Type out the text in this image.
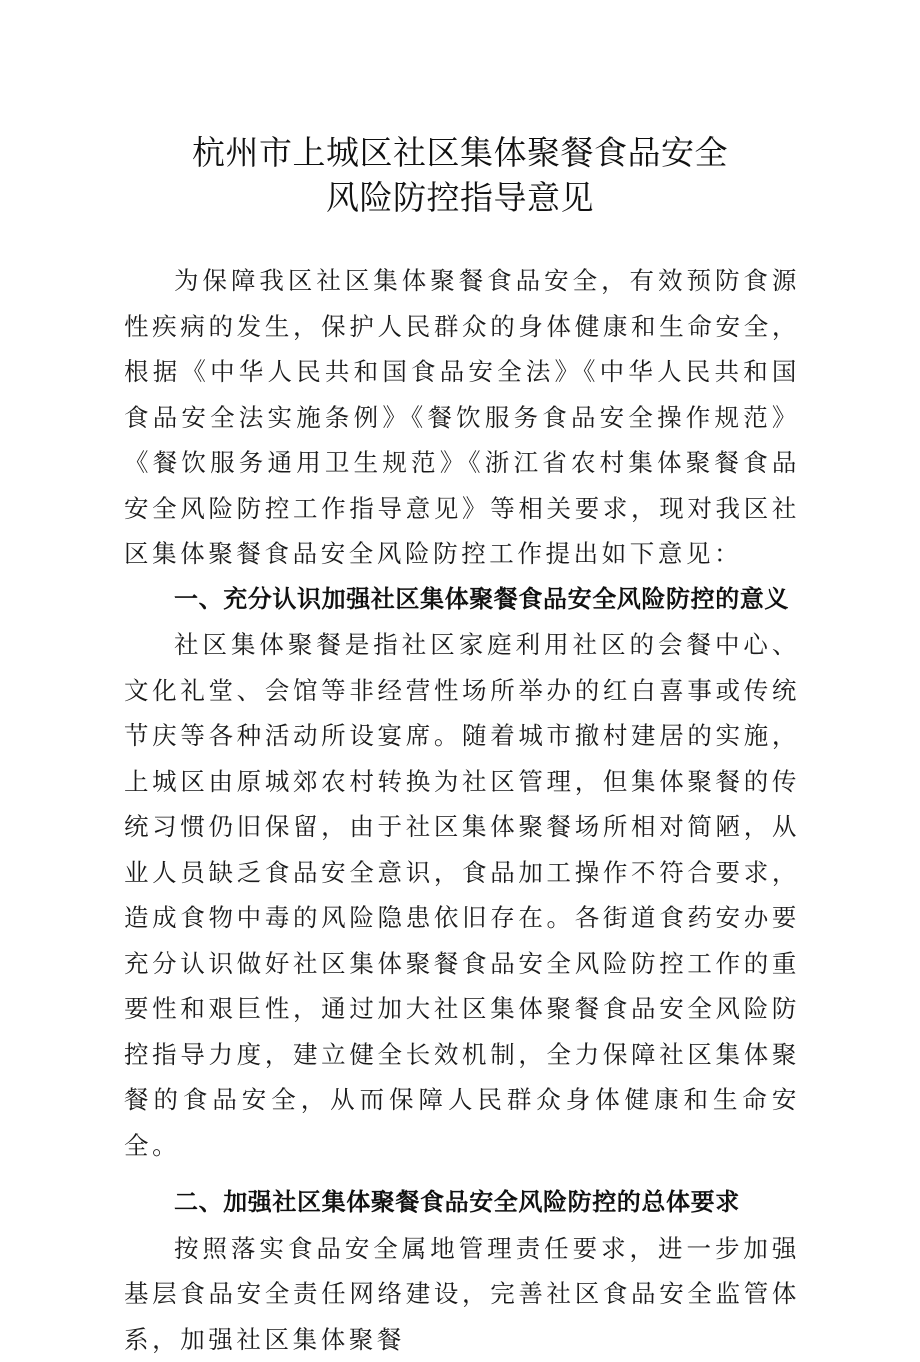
杭州市上城区社区集体聚餐食品安全
风险防控指导意见

为保障我区社区集体聚餐食品安全，有效预防食源性疾病的发生，保护人民群众的身体健康和生命安全，根据《中华人民共和国食品安全法》《中华人民共和国食品安全法实施条例》《餐饮服务食品安全操作规范》《餐饮服务通用卫生规范》《浙江省农村集体聚餐食品安全风险防控工作指导意见》等相关要求，现对我区社区集体聚餐食品安全风险防控工作提出如下意见：

一、充分认识加强社区集体聚餐食品安全风险防控的意义

社区集体聚餐是指社区家庭利用社区的会餐中心、文化礼堂、会馆等非经营性场所举办的红白喜事或传统节庆等各种活动所设宴席。随着城市撤村建居的实施，上城区由原城郊农村转换为社区管理，但集体聚餐的传统习惯仍旧保留，由于社区集体聚餐场所相对简陋，从业人员缺乏食品安全意识，食品加工操作不符合要求，造成食物中毒的风险隐患依旧存在。各街道食药安办要充分认识做好社区集体聚餐食品安全风险防控工作的重要性和艰巨性，通过加大社区集体聚餐食品安全风险防控指导力度，建立健全长效机制，全力保障社区集体聚餐的食品安全，从而保障人民群众身体健康和生命安全。

二、加强社区集体聚餐食品安全风险防控的总体要求

按照落实食品安全属地管理责任要求，进一步加强基层食品安全责任网络建设，完善社区食品安全监管体系，加强社区集体聚餐
